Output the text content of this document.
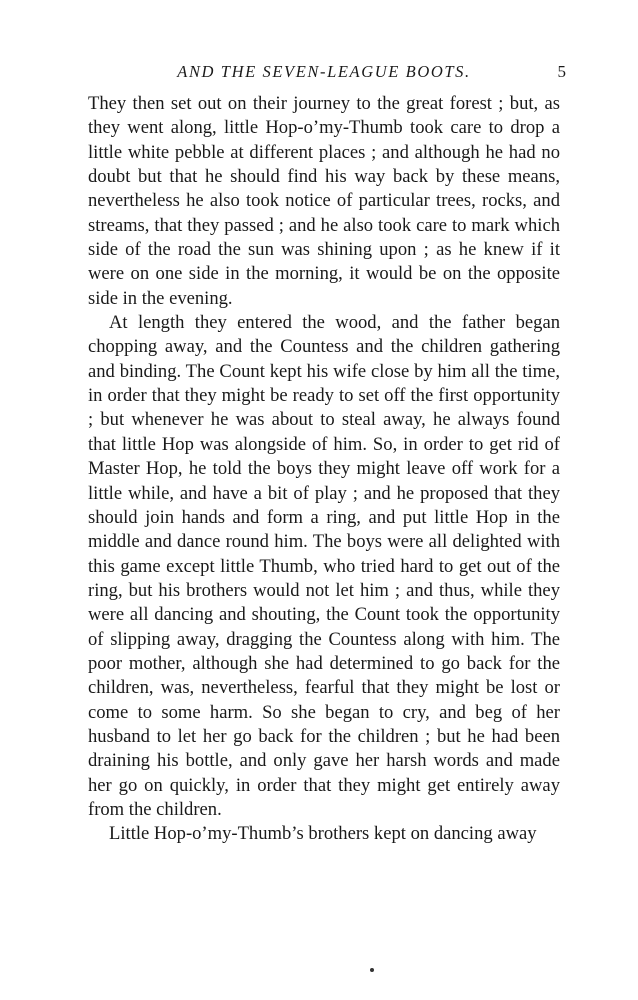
AND THE SEVEN-LEAGUE BOOTS.	5

They then set out on their journey to the great forest ; but, as they went along, little Hop-o’my-Thumb took care to drop a little white pebble at different places ; and although he had no doubt but that he should find his way back by these means, nevertheless he also took notice of particular trees, rocks, and streams, that they passed ; and he also took care to mark which side of the road the sun was shining upon ; as he knew if it were on one side in the morning, it would be on the opposite side in the evening.

At length they entered the wood, and the father began chopping away, and the Countess and the children gathering and binding. The Count kept his wife close by him all the time, in order that they might be ready to set off the first opportunity ; but whenever he was about to steal away, he always found that little Hop was alongside of him. So, in order to get rid of Master Hop, he told the boys they might leave off work for a little while, and have a bit of play ; and he proposed that they should join hands and form a ring, and put little Hop in the middle and dance round him. The boys were all delighted with this game except little Thumb, who tried hard to get out of the ring, but his brothers would not let him ; and thus, while they were all dancing and shouting, the Count took the opportunity of slipping away, dragging the Countess along with him. The poor mother, although she had determined to go back for the children, was, nevertheless, fearful that they might be lost or come to some harm. So she began to cry, and beg of her husband to let her go back for the children ; but he had been draining his bottle, and only gave her harsh words and made her go on quickly, in order that they might get entirely away from the children.

Little Hop-o’my-Thumb’s brothers kept on dancing away
